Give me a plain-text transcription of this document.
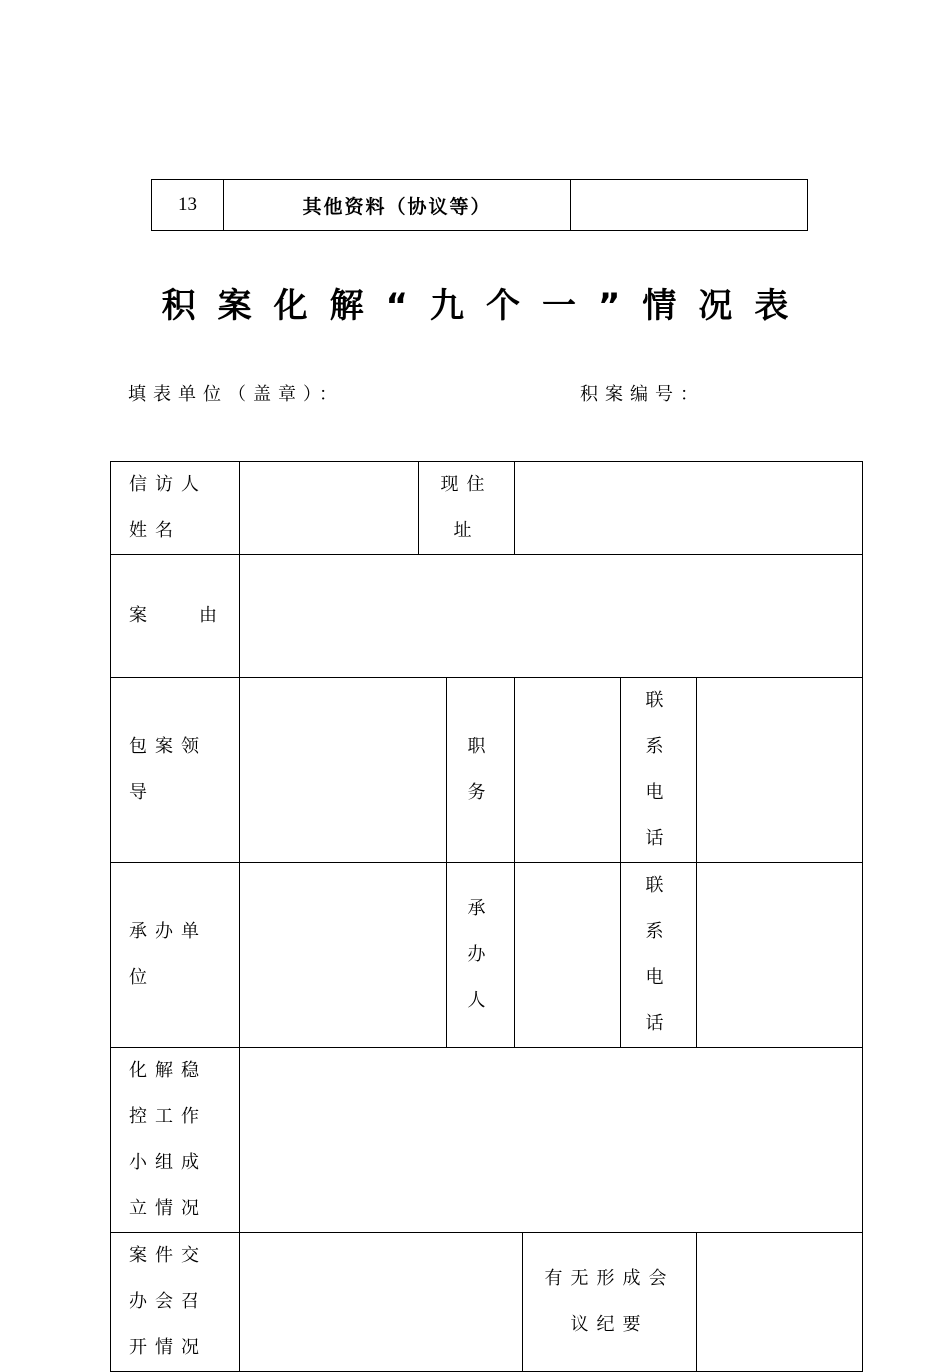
13	其他资料（协议等）	
积案化解“九个一”情况表
填表单位（盖章）：	积案编号：
信访人姓名		现住址					
案　由							
包案领导			职务			联系电话	
承办单位			承办人			联系电话	
化解稳控工作小组成立情况							
案件交办会召开情况					有无形成会议纪要		
